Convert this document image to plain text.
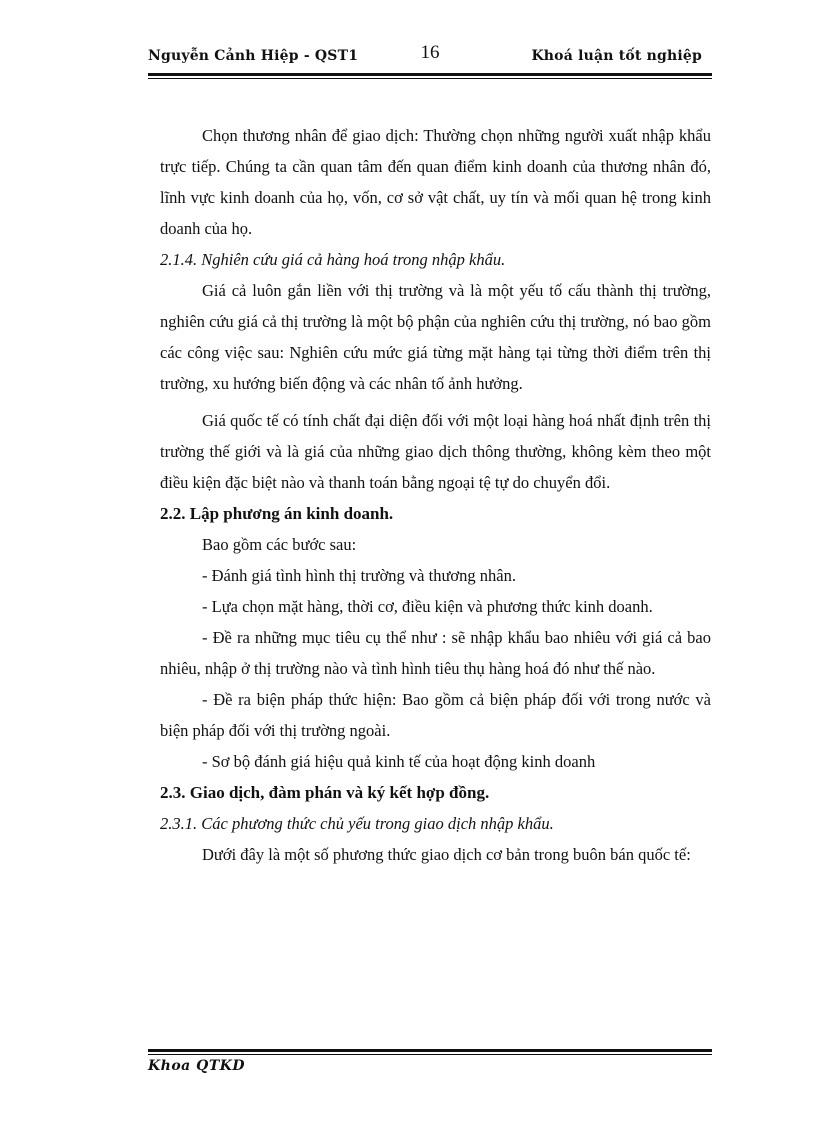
Nguyễn Cảnh Hiệp - QST1	16	Khoá luận tốt nghiệp

Chọn thương nhân để giao dịch: Thường chọn những người xuất nhập khẩu trực tiếp. Chúng ta cần quan tâm đến quan điểm kinh doanh của thương nhân đó, lĩnh vực kinh doanh của họ, vốn, cơ sở vật chất, uy tín và mối quan hệ trong kinh doanh của họ.

2.1.4. Nghiên cứu giá cả hàng hoá trong nhập khẩu.

Giá cả luôn gắn liền với thị trường và là một yếu tố cấu thành thị trường, nghiên cứu giá cả thị trường là một bộ phận của nghiên cứu thị trường, nó bao gồm các công việc sau: Nghiên cứu mức giá từng mặt hàng tại từng thời điểm trên thị trường, xu hướng biến động và các nhân tố ảnh hưởng.

Giá quốc tế có tính chất đại diện đối với một loại hàng hoá nhất định trên thị trường thế giới và là giá của những giao dịch thông thường, không kèm theo một điều kiện đặc biệt nào và thanh toán bằng ngoại tệ tự do chuyển đổi.

2.2. Lập phương án kinh doanh.

Bao gồm các bước sau:

- Đánh giá tình hình thị trường và thương nhân.

- Lựa chọn mặt hàng, thời cơ, điều kiện và phương thức kinh doanh.

- Đề ra những mục tiêu cụ thể như : sẽ nhập khẩu bao nhiêu với giá cả bao nhiêu, nhập ở thị trường nào và tình hình tiêu thụ hàng hoá đó như thế nào.

- Đề ra biện pháp thức hiện: Bao gồm cả biện pháp đối với trong nước và biện pháp đối với thị trường ngoài.

- Sơ bộ đánh giá hiệu quả kinh tế của hoạt động kinh doanh

2.3. Giao dịch, đàm phán và ký kết hợp đồng.

2.3.1. Các phương thức chủ yếu trong giao dịch nhập khẩu.

Dưới đây là một số phương thức giao dịch cơ bản trong buôn bán quốc tế:

Khoa QTKD
